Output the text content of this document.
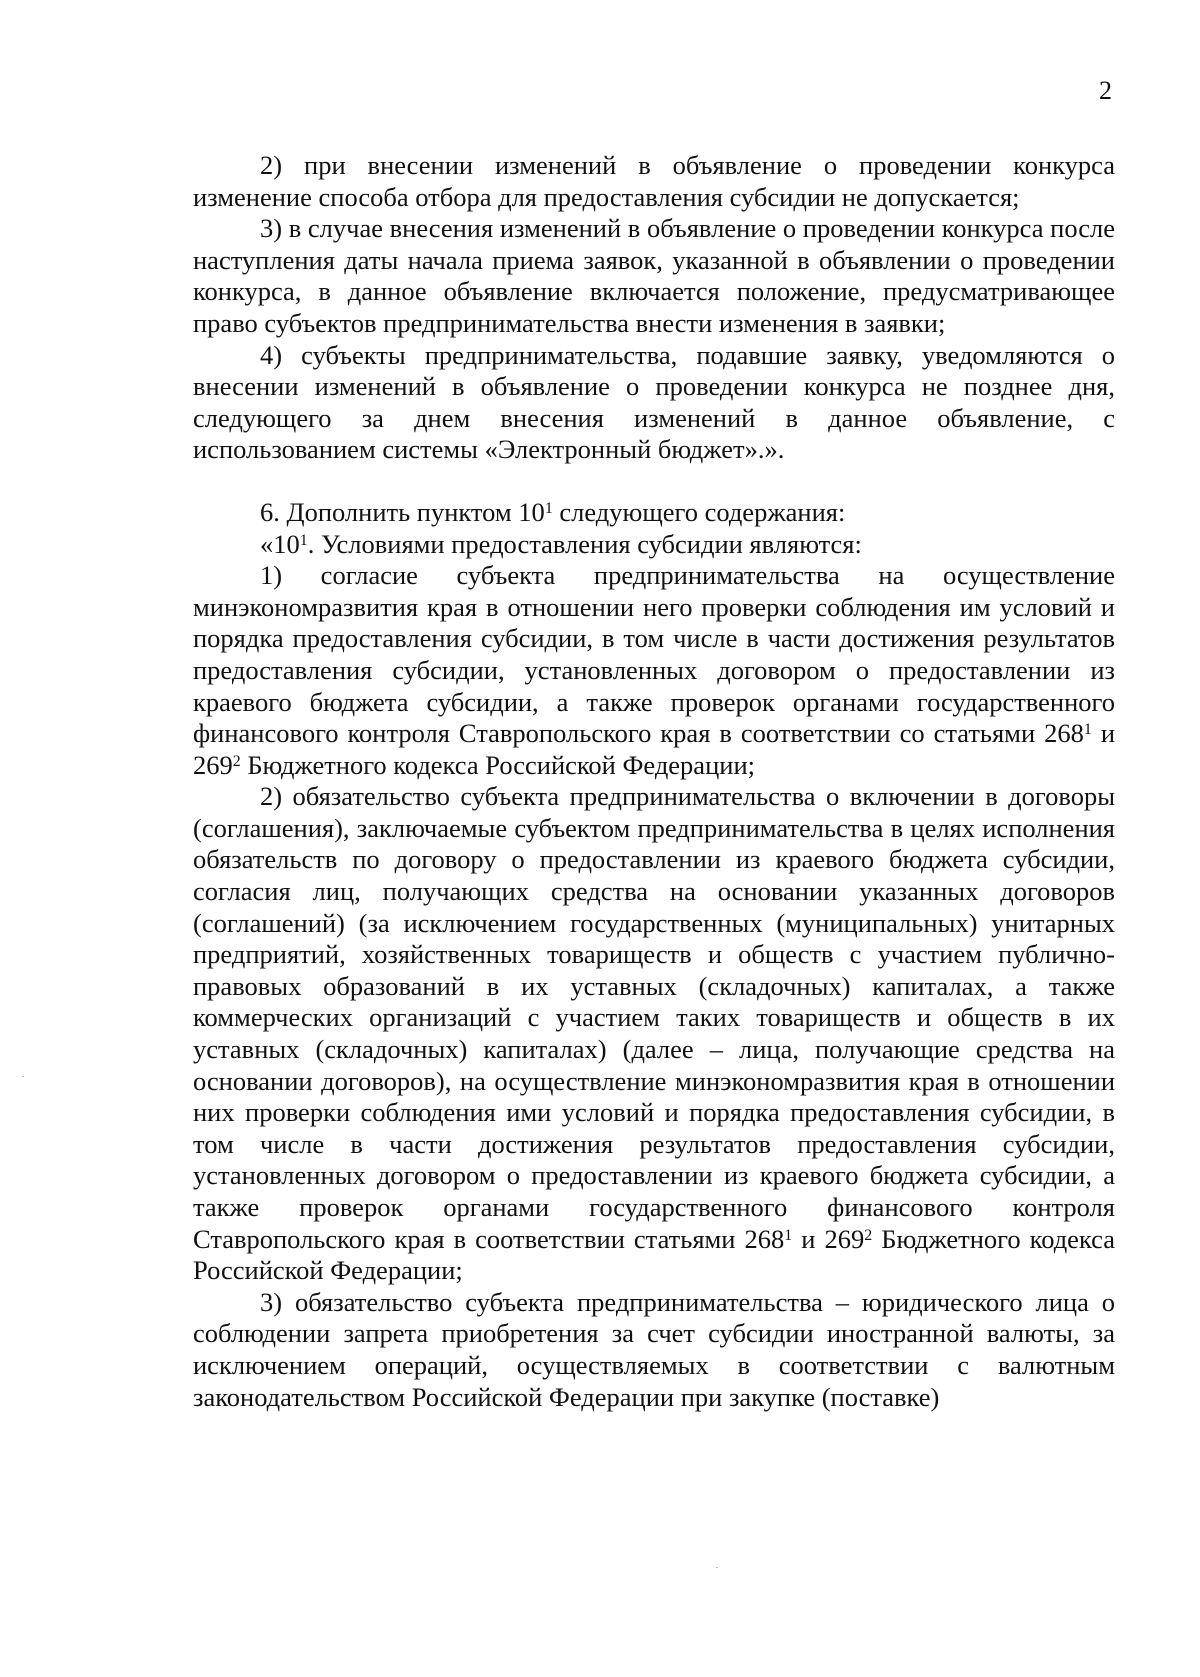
2

2) при внесении изменений в объявление о проведении конкурса изменение способа отбора для предоставления субсидии не допускается;

3) в случае внесения изменений в объявление о проведении конкурса после наступления даты начала приема заявок, указанной в объявлении о проведении конкурса, в данное объявление включается положение, предусматривающее право субъектов предпринимательства внести изменения в заявки;

4) субъекты предпринимательства, подавшие заявку, уведомляются о внесении изменений в объявление о проведении конкурса не позднее дня, следующего за днем внесения изменений в данное объявление, с использованием системы «Электронный бюджет».».

6. Дополнить пунктом $10^1$ следующего содержания:

«$10^1$. Условиями предоставления субсидии являются:

1) согласие субъекта предпринимательства на осуществление минэкономразвития края в отношении него проверки соблюдения им условий и порядка предоставления субсидии, в том числе в части достижения результатов предоставления субсидии, установленных договором о предоставлении из краевого бюджета субсидии, а также проверок органами государственного финансового контроля Ставропольского края в соответствии со статьями $268^1$ и $269^2$ Бюджетного кодекса Российской Федерации;

2) обязательство субъекта предпринимательства о включении в договоры (соглашения), заключаемые субъектом предпринимательства в целях исполнения обязательств по договору о предоставлении из краевого бюджета субсидии, согласия лиц, получающих средства на основании указанных договоров (соглашений) (за исключением государственных (муниципальных) унитарных предприятий, хозяйственных товариществ и обществ с участием публично-правовых образований в их уставных (складочных) капиталах, а также коммерческих организаций с участием таких товариществ и обществ в их уставных (складочных) капиталах) (далее – лица, получающие средства на основании договоров), на осуществление минэкономразвития края в отношении них проверки соблюдения ими условий и порядка предоставления субсидии, в том числе в части достижения результатов предоставления субсидии, установленных договором о предоставлении из краевого бюджета субсидии, а также проверок органами государственного финансового контроля Ставропольского края в соответствии статьями $268^1$ и $269^2$ Бюджетного кодекса Российской Федерации;

3) обязательство субъекта предпринимательства – юридического лица о соблюдении запрета приобретения за счет субсидии иностранной валюты, за исключением операций, осуществляемых в соответствии с валютным законодательством Российской Федерации при закупке (поставке)
